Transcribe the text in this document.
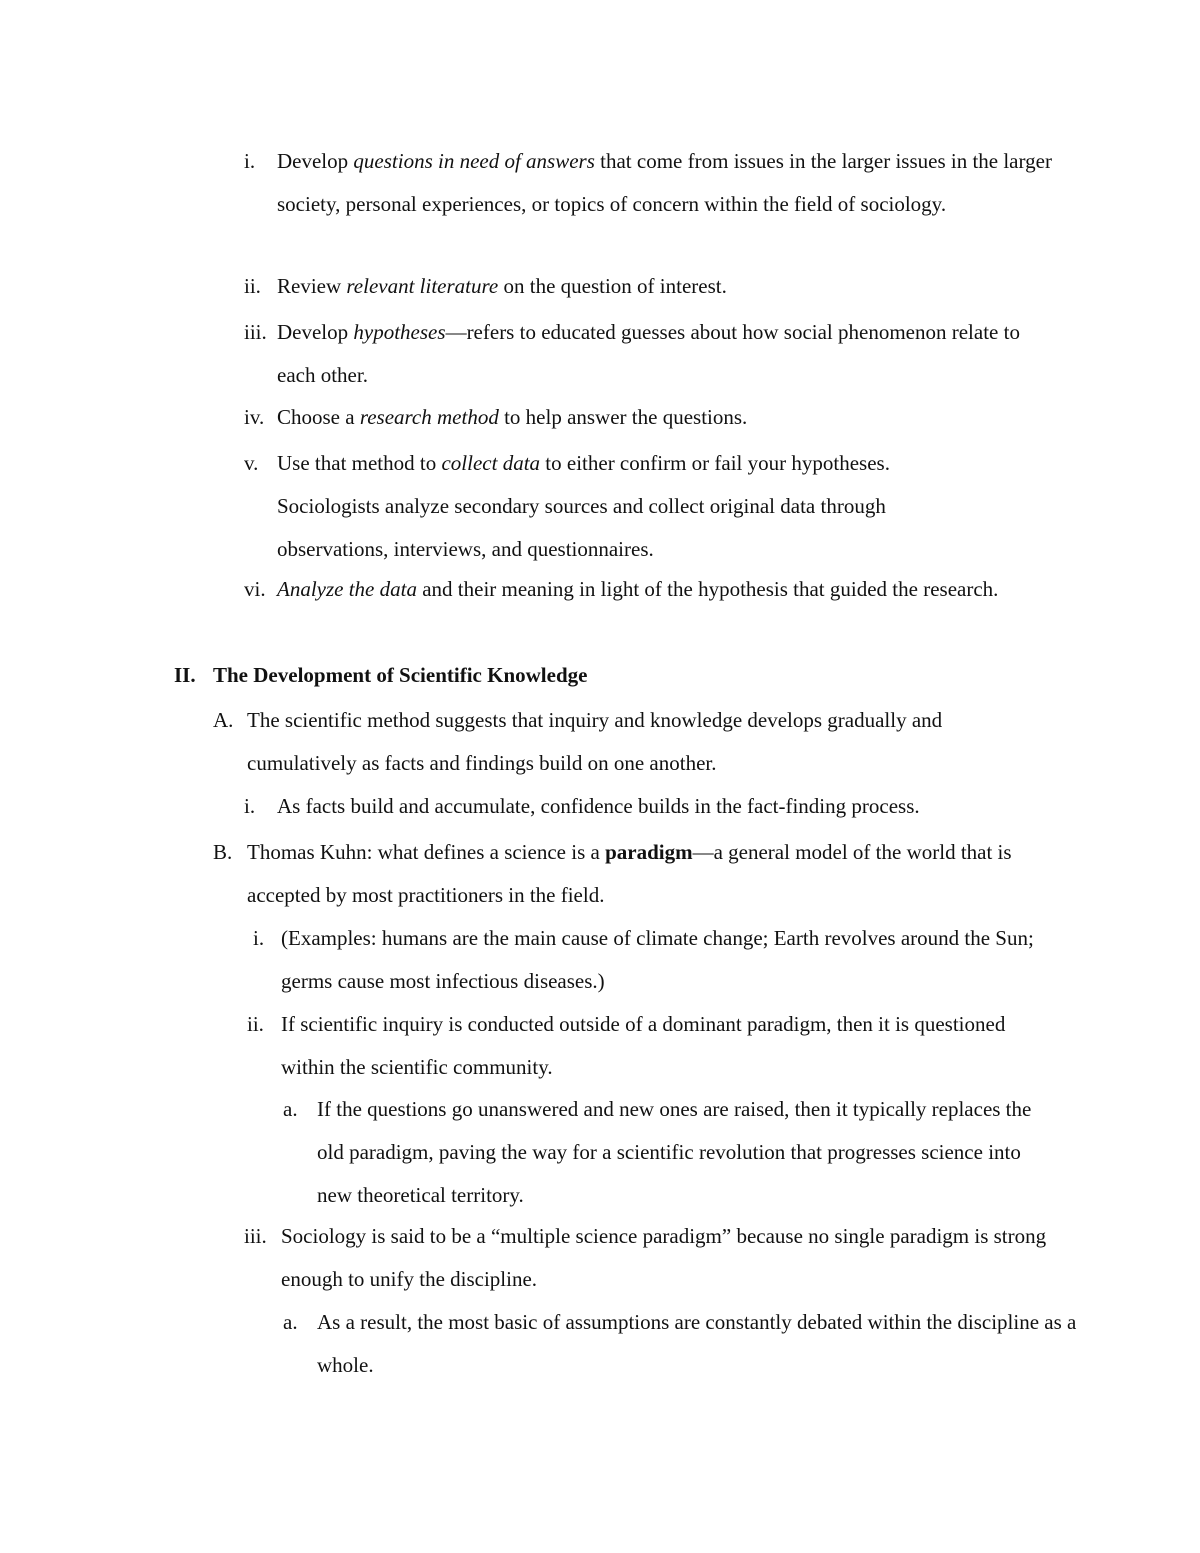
i. Develop questions in need of answers that come from issues in the larger issues in the larger society, personal experiences, or topics of concern within the field of sociology.
ii. Review relevant literature on the question of interest.
iii. Develop hypotheses—refers to educated guesses about how social phenomenon relate to each other.
iv. Choose a research method to help answer the questions.
v. Use that method to collect data to either confirm or fail your hypotheses. Sociologists analyze secondary sources and collect original data through observations, interviews, and questionnaires.
vi. Analyze the data and their meaning in light of the hypothesis that guided the research.
II. The Development of Scientific Knowledge
A. The scientific method suggests that inquiry and knowledge develops gradually and cumulatively as facts and findings build on one another.
i. As facts build and accumulate, confidence builds in the fact-finding process.
B. Thomas Kuhn: what defines a science is a paradigm—a general model of the world that is accepted by most practitioners in the field.
i. (Examples: humans are the main cause of climate change; Earth revolves around the Sun; germs cause most infectious diseases.)
ii. If scientific inquiry is conducted outside of a dominant paradigm, then it is questioned within the scientific community.
a. If the questions go unanswered and new ones are raised, then it typically replaces the old paradigm, paving the way for a scientific revolution that progresses science into new theoretical territory.
iii. Sociology is said to be a “multiple science paradigm” because no single paradigm is strong enough to unify the discipline.
a. As a result, the most basic of assumptions are constantly debated within the discipline as a whole.
